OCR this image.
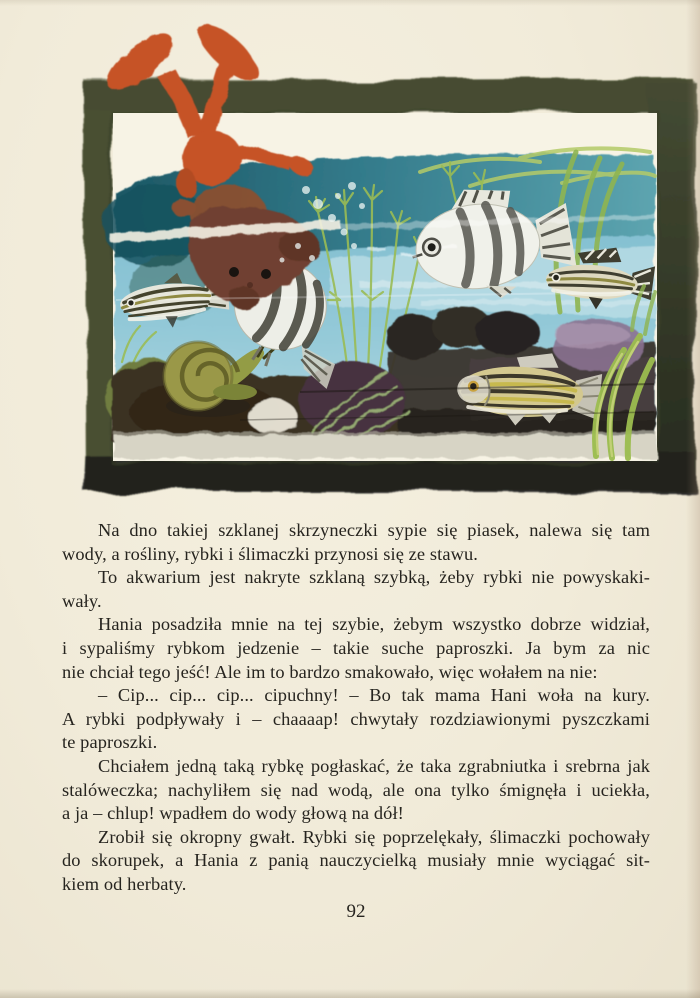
Na dno takiej szklanej skrzyneczki sypie się piasek, nalewa się tam
wody, a rośliny, rybki i ślimaczki przynosi się ze stawu.
To akwarium jest nakryte szklaną szybką, żeby rybki nie powyskaki-
wały.
Hania posadziła mnie na tej szybie, żebym wszystko dobrze widział,
i sypaliśmy rybkom jedzenie – takie suche paproszki. Ja bym za nic
nie chciał tego jeść! Ale im to bardzo smakowało, więc wołałem na nie:
– Cip... cip... cip... cipuchny! – Bo tak mama Hani woła na kury.
A rybki podpływały i – chaaaap! chwytały rozdziawionymi pyszczkami
te paproszki.
Chciałem jedną taką rybkę pogłaskać, że taka zgrabniutka i srebrna jak
stalóweczka; nachyliłem się nad wodą, ale ona tylko śmignęła i uciekła,
a ja – chlup! wpadłem do wody głową na dół!
Zrobił się okropny gwałt. Rybki się poprzelękały, ślimaczki pochowały
do skorupek, a Hania z panią nauczycielką musiały mnie wyciągać sit-
kiem od herbaty.
92
